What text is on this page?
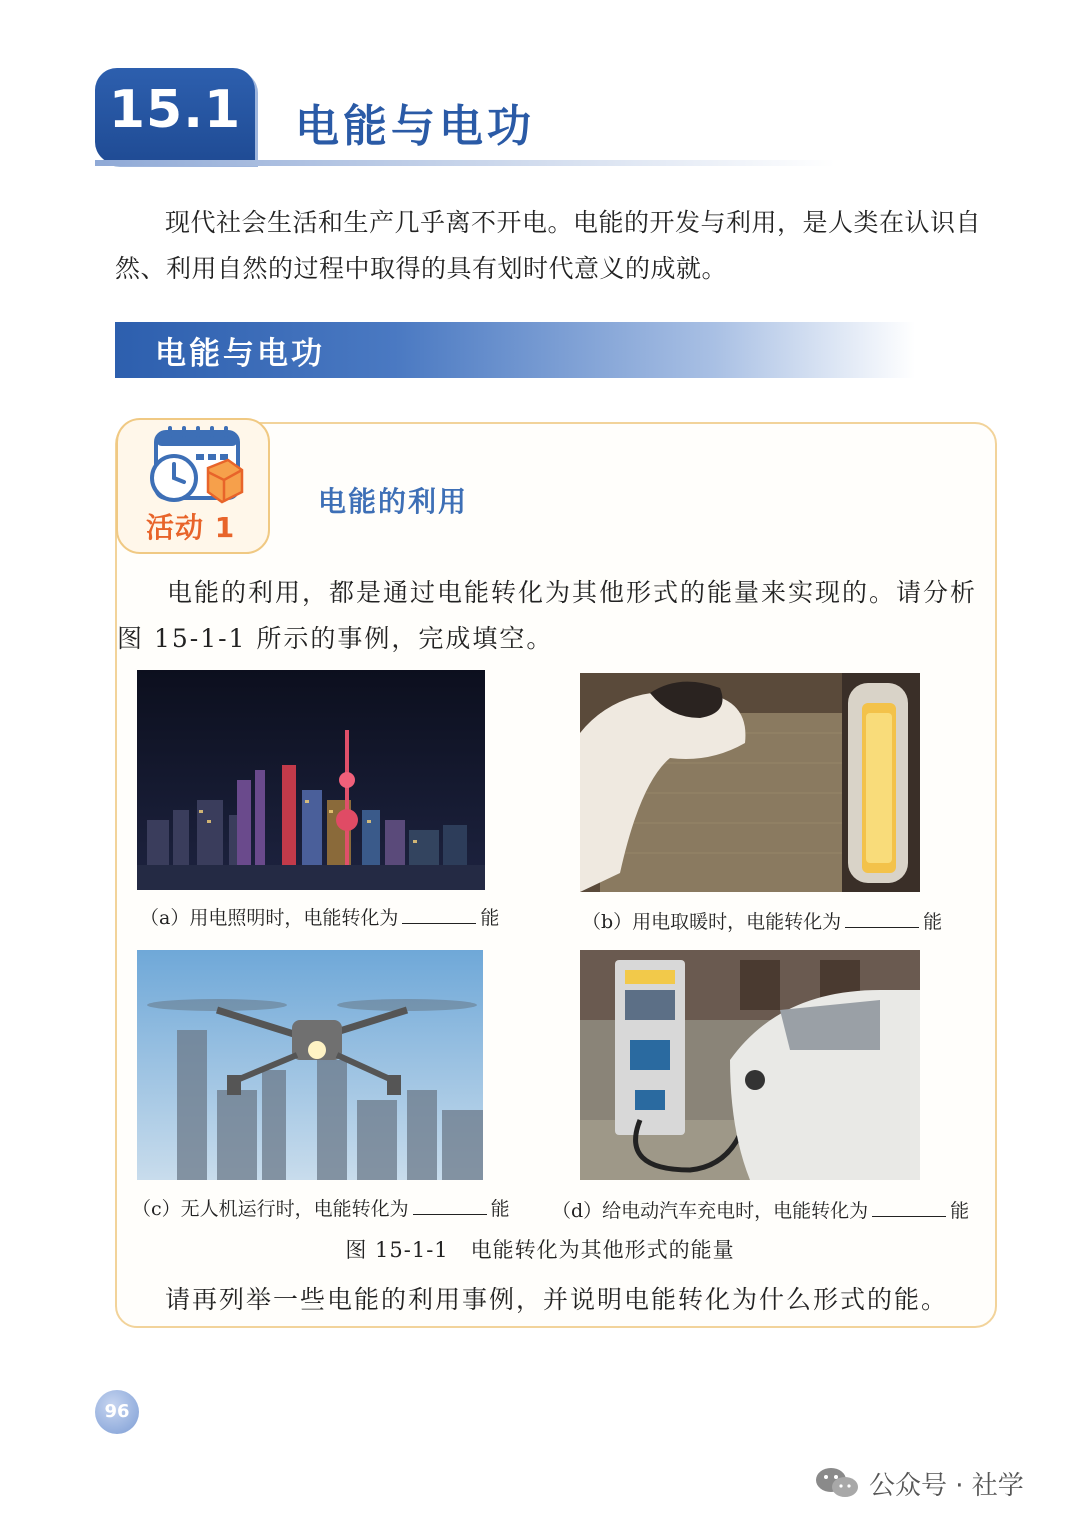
15.1	电能与电功
现代社会生活和生产几乎离不开电。电能的开发与利用，是人类在认识自然、利用自然的过程中取得的具有划时代意义的成就。
电能与电功
活动 1
电能的利用
电能的利用，都是通过电能转化为其他形式的能量来实现的。请分析图 15-1-1 所示的事例，完成填空。
（a）用电照明时，电能转化为	能	（b）用电取暖时，电能转化为	能
（c）无人机运行时，电能转化为	能 （d）给电动汽车充电时，电能转化为	能
图 15-1-1　电能转化为其他形式的能量
请再列举一些电能的利用事例，并说明电能转化为什么形式的能。
96
公众号 · 社学
